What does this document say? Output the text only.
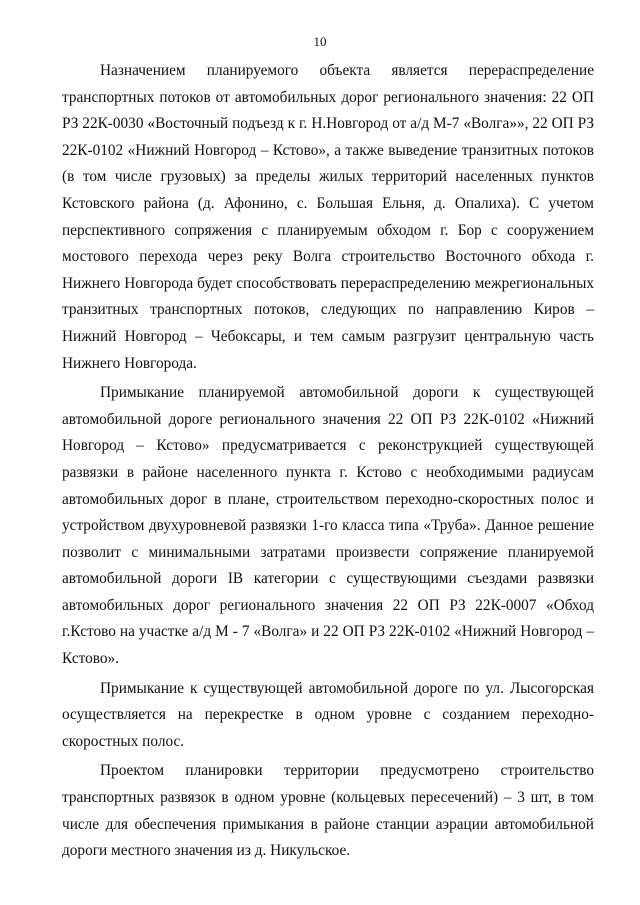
10

Назначением планируемого объекта является перераспределение транспортных потоков от автомобильных дорог регионального значения: 22 ОП РЗ 22К-0030 «Восточный подъезд к г. Н.Новгород от а/д М-7 «Волга»», 22 ОП РЗ 22К-0102 «Нижний Новгород – Кстово», а также выведение транзитных потоков (в том числе грузовых) за пределы жилых территорий населенных пунктов Кстовского района (д. Афонино, с. Большая Ельня, д. Опалиха). С учетом перспективного сопряжения с планируемым обходом г. Бор с сооружением мостового перехода через реку Волга строительство Восточного обхода г. Нижнего Новгорода будет способствовать перераспределению межрегиональных транзитных транспортных потоков, следующих по направлению Киров – Нижний Новгород – Чебоксары, и тем самым разгрузит центральную часть Нижнего Новгорода.

Примыкание планируемой автомобильной дороги к существующей автомобильной дороге регионального значения 22 ОП РЗ 22К-0102 «Нижний Новгород – Кстово» предусматривается с реконструкцией существующей развязки в районе населенного пункта г. Кстово с необходимыми радиусам автомобильных дорог в плане, строительством переходно-скоростных полос и устройством двухуровневой развязки 1-го класса типа «Труба». Данное решение позволит с минимальными затратами произвести сопряжение планируемой автомобильной дороги IВ категории с существующими съездами развязки автомобильных дорог регионального значения 22 ОП РЗ 22К-0007 «Обход г.Кстово на участке а/д М - 7 «Волга» и 22 ОП РЗ 22К-0102 «Нижний Новгород – Кстово».

Примыкание к существующей автомобильной дороге по ул. Лысогорская осуществляется на перекрестке в одном уровне с созданием переходно-скоростных полос.

Проектом планировки территории предусмотрено строительство транспортных развязок в одном уровне (кольцевых пересечений) – 3 шт, в том числе для обеспечения примыкания в районе станции аэрации автомобильной дороги местного значения из д. Никульское.
